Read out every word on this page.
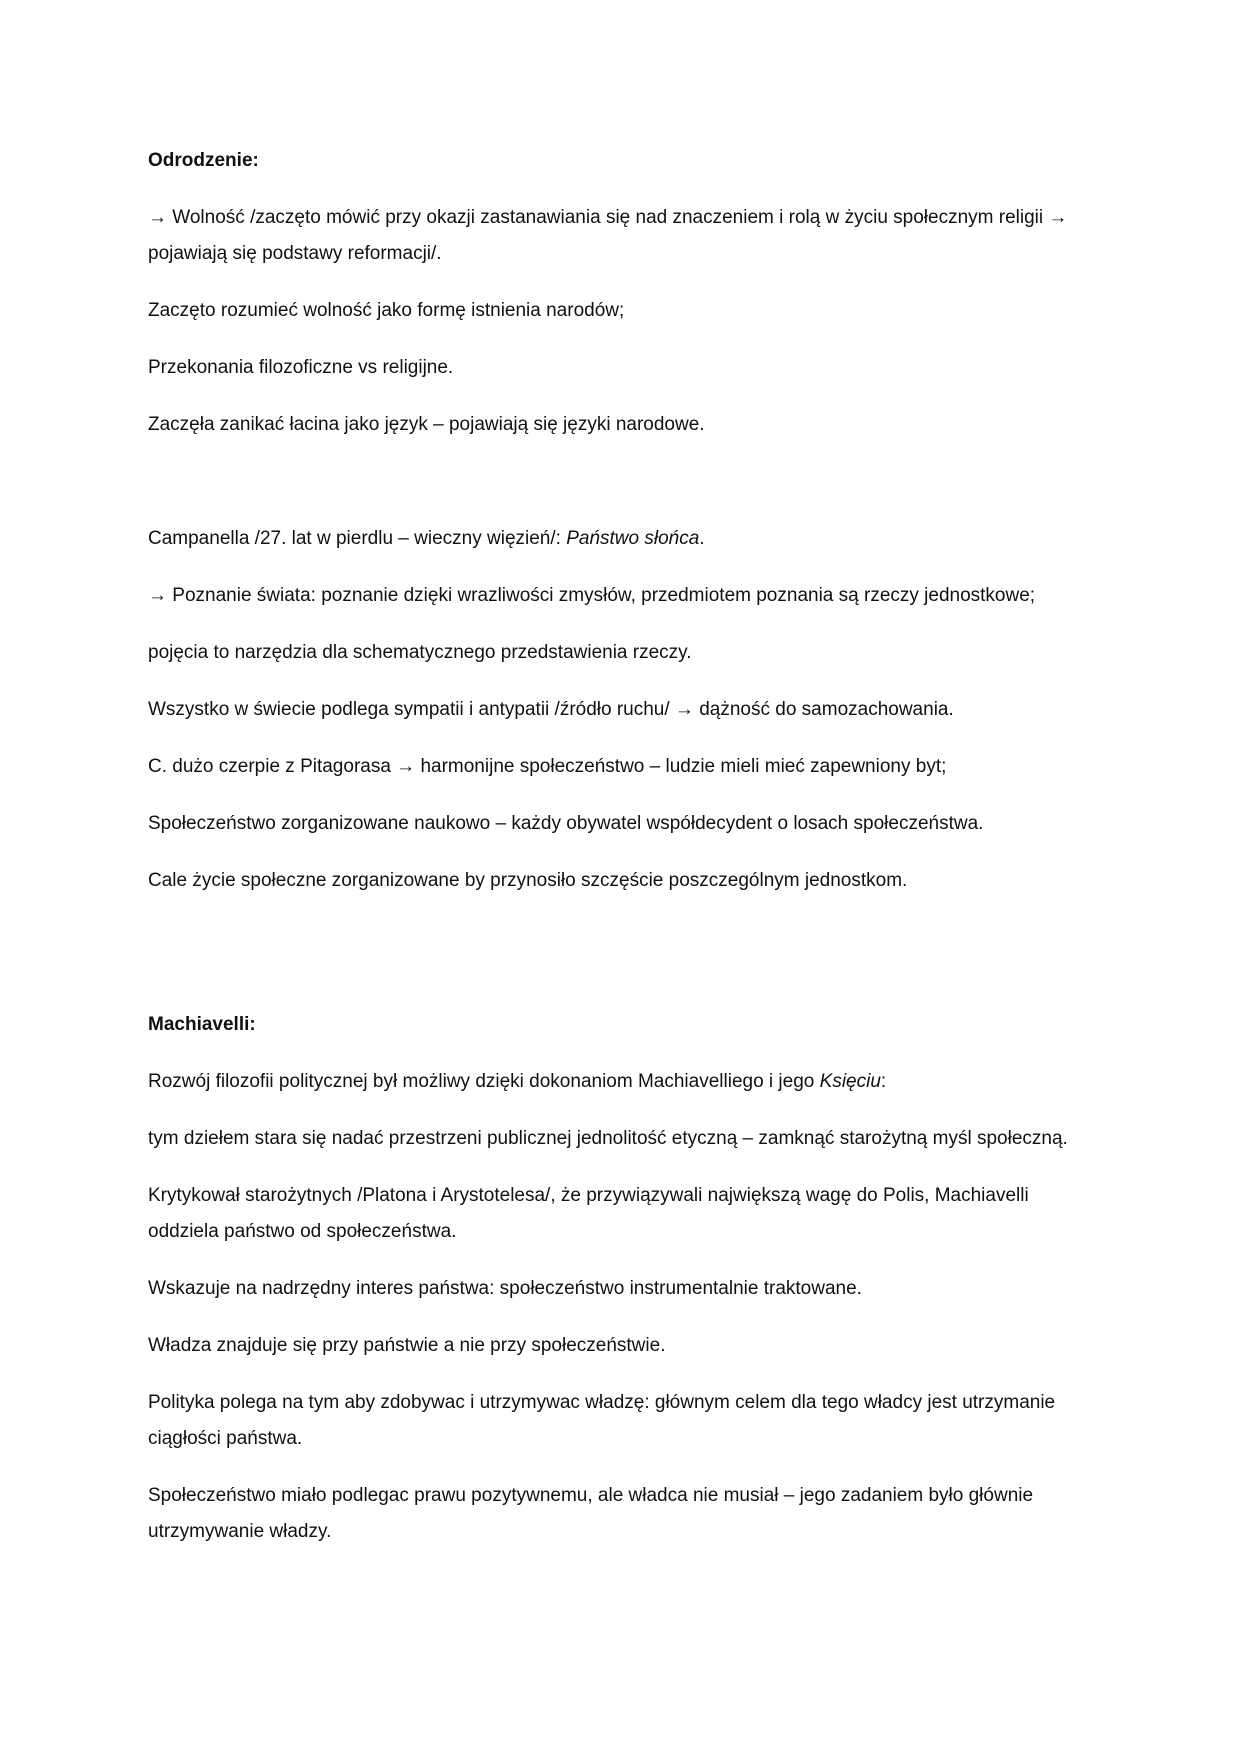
Odrodzenie:
→ Wolność /zaczęto mówić przy okazji zastanawiania się nad znaczeniem i rolą w życiu społecznym religii → pojawiają się podstawy reformacji/.
Zaczęto rozumieć wolność jako formę istnienia narodów;
Przekonania filozoficzne vs religijne.
Zaczęła zanikać łacina jako język – pojawiają się języki narodowe.
Campanella /27. lat w pierdlu – wieczny więzień/: Państwo słońca.
→ Poznanie świata: poznanie dzięki wrazliwości zmysłów, przedmiotem poznania są rzeczy jednostkowe;
pojęcia to narzędzia dla schematycznego przedstawienia rzeczy.
Wszystko w świecie podlega sympatii i antypatii /źródło ruchu/ → dążność do samozachowania.
C. dużo czerpie z Pitagorasa → harmonijne społeczeństwo – ludzie mieli mieć zapewniony byt;
Społeczeństwo zorganizowane naukowo – każdy obywatel współdecydent o losach społeczeństwa.
Cale życie społeczne zorganizowane by przynosiło szczęście poszczególnym jednostkom.
Machiavelli:
Rozwój filozofii politycznej był możliwy dzięki dokonaniom Machiavelliego i jego Księciu:
tym dziełem stara się nadać przestrzeni publicznej jednolitość etyczną – zamknąć starożytną myśl społeczną.
Krytykował starożytnych /Platona i Arystotelesa/, że przywiązywali największą wagę do Polis, Machiavelli oddziela państwo od społeczeństwa.
Wskazuje na nadrzędny interes państwa: społeczeństwo instrumentalnie traktowane.
Władza znajduje się przy państwie a nie przy społeczeństwie.
Polityka polega na tym aby zdobywac i utrzymywac władzę: głównym celem dla tego władcy jest utrzymanie ciągłości państwa.
Społeczeństwo miało podlegac prawu pozytywnemu, ale władca nie musiał – jego zadaniem było głównie utrzymywanie władzy.
